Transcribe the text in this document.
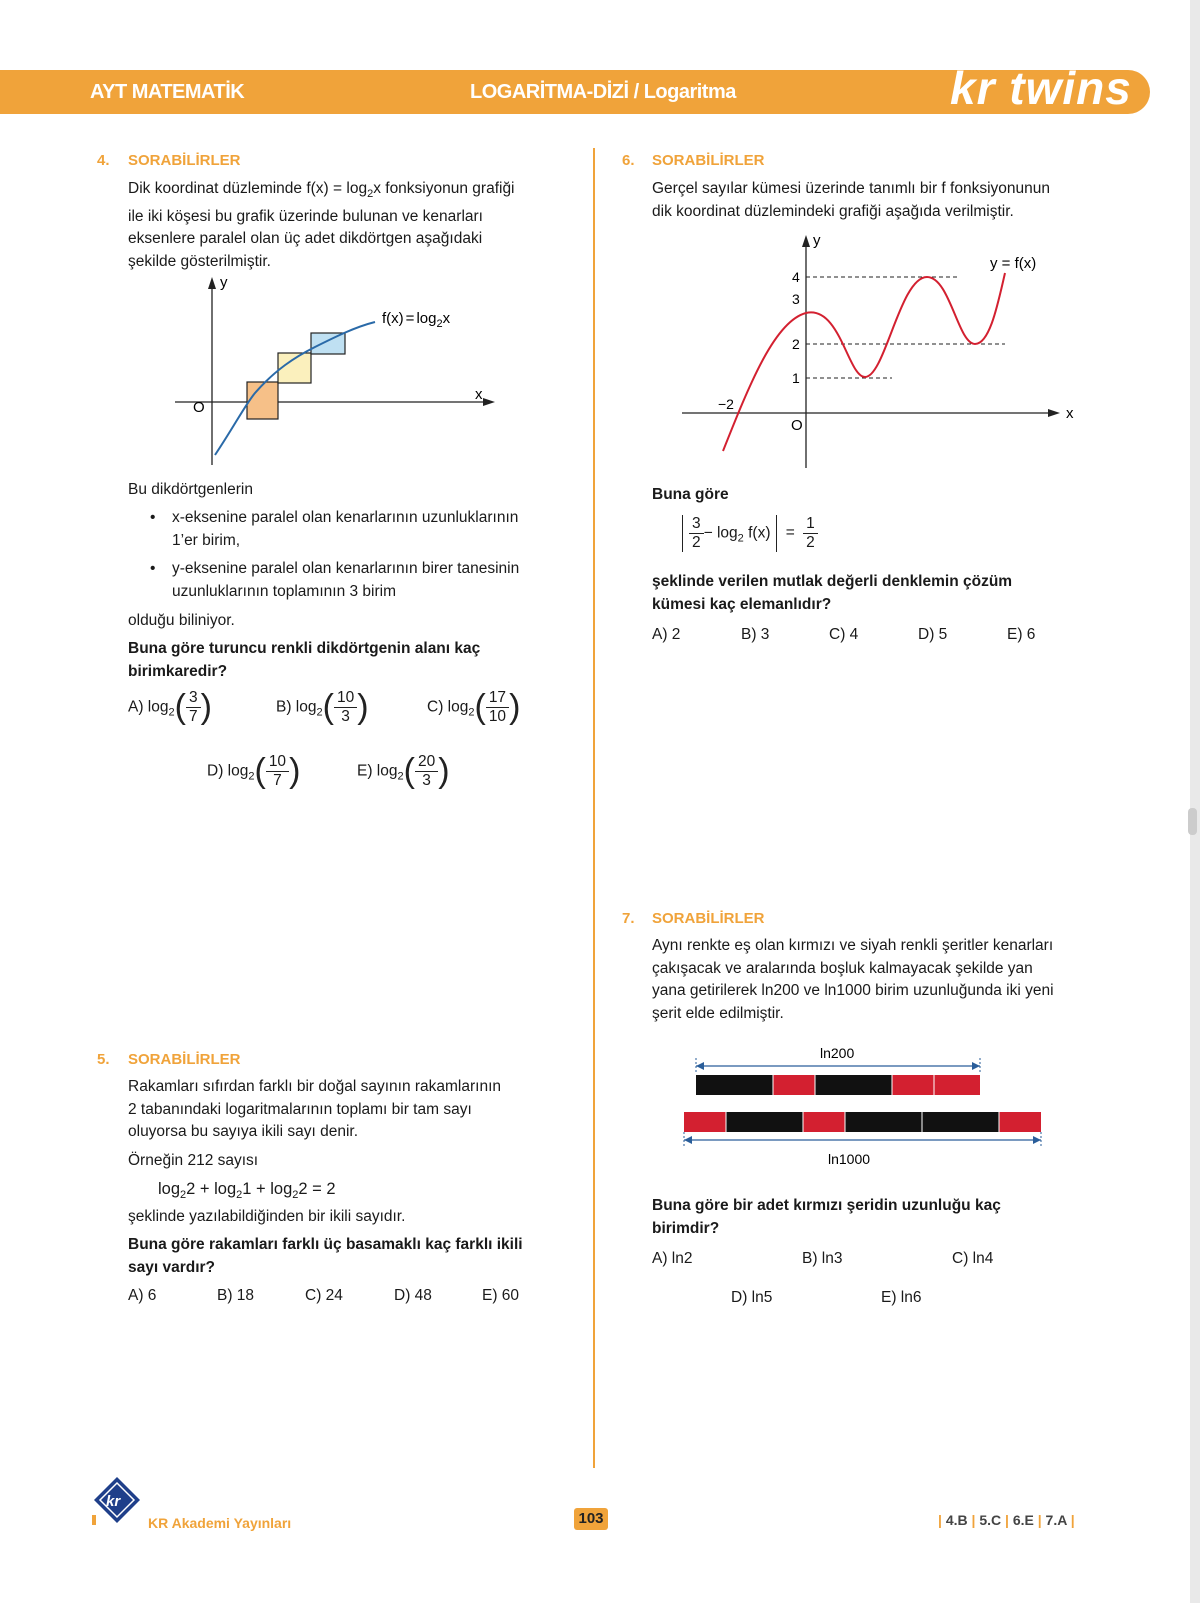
AYT MATEMATİK	LOGARİTMA-DİZİ / Logaritma	kr twins
4. SORABİLİRLER
Dik koordinat düzleminde $f(x) = \log_2x$ fonksiyonun grafiği
ile iki köşesi bu grafik üzerinde bulunan ve kenarları
eksenlere paralel olan üç adet dikdörtgen aşağıdaki
şekilde gösterilmiştir.
y
x
O
$f(x) = \log_2x$
Bu dikdörtgenlerin
• x-eksenine paralel olan kenarlarının uzunluklarının
1’er birim,
• y-eksenine paralel olan kenarlarının birer tanesinin
uzunluklarının toplamının 3 birim
olduğu biliniyor.
Buna göre turuncu renkli dikdörtgenin alanı kaç
birimkaredir?
A) $\log_2( \frac{3}{7}$ )	B) $\log_2( \frac{10}{3}$ )	C) $\log_2( \frac{17}{10}$ )
D) $\log_2( \frac{10}{7}$ )	E) $\log_2( \frac{20}{3}$ )
5. SORABİLİRLER
Rakamları sıfırdan farklı bir doğal sayının rakamlarının
2 tabanındaki logaritmalarının toplamı bir tam sayı
oluyorsa bu sayıya ikili sayı denir.
Örneğin 212 sayısı
$\log_22 + \log_21 + \log_22 = 2$
şeklinde yazılabildiğinden bir ikili sayıdır.
Buna göre rakamları farklı üç basamaklı kaç farklı ikili
sayı vardır?
A) 6	B) 18	C) 24	D) 48	E) 60
6. SORABİLİRLER
Gerçel sayılar kümesi üzerinde tanımlı bir f fonksiyonunun
dik koordinat düzlemindeki grafiği aşağıda verilmiştir.
y
x
O
y = f(x)
4
3
2
1
−2
Buna göre
$\frac{3}{2} - \log_2 f(x) = \frac{1}{2}$
şeklinde verilen mutlak değerli denklemin çözüm
kümesi kaç elemanlıdır?
A) 2	B) 3	C) 4	D) 5	E) 6
7. SORABİLİRLER
Aynı renkte eş olan kırmızı ve siyah renkli şeritler kenarları
çakışacak ve aralarında boşluk kalmayacak şekilde yan
yana getirilerek ln200 ve ln1000 birim uzunluğunda iki yeni
şerit elde edilmiştir.
ln200
ln1000
Buna göre bir adet kırmızı şeridin uzunluğu kaç
birimdir?
A) ln2	B) ln3	C) ln4
D) ln5	E) ln6
kr
KR Akademi Yayınları	103	| 4.B | 5.C | 6.E | 7.A |
